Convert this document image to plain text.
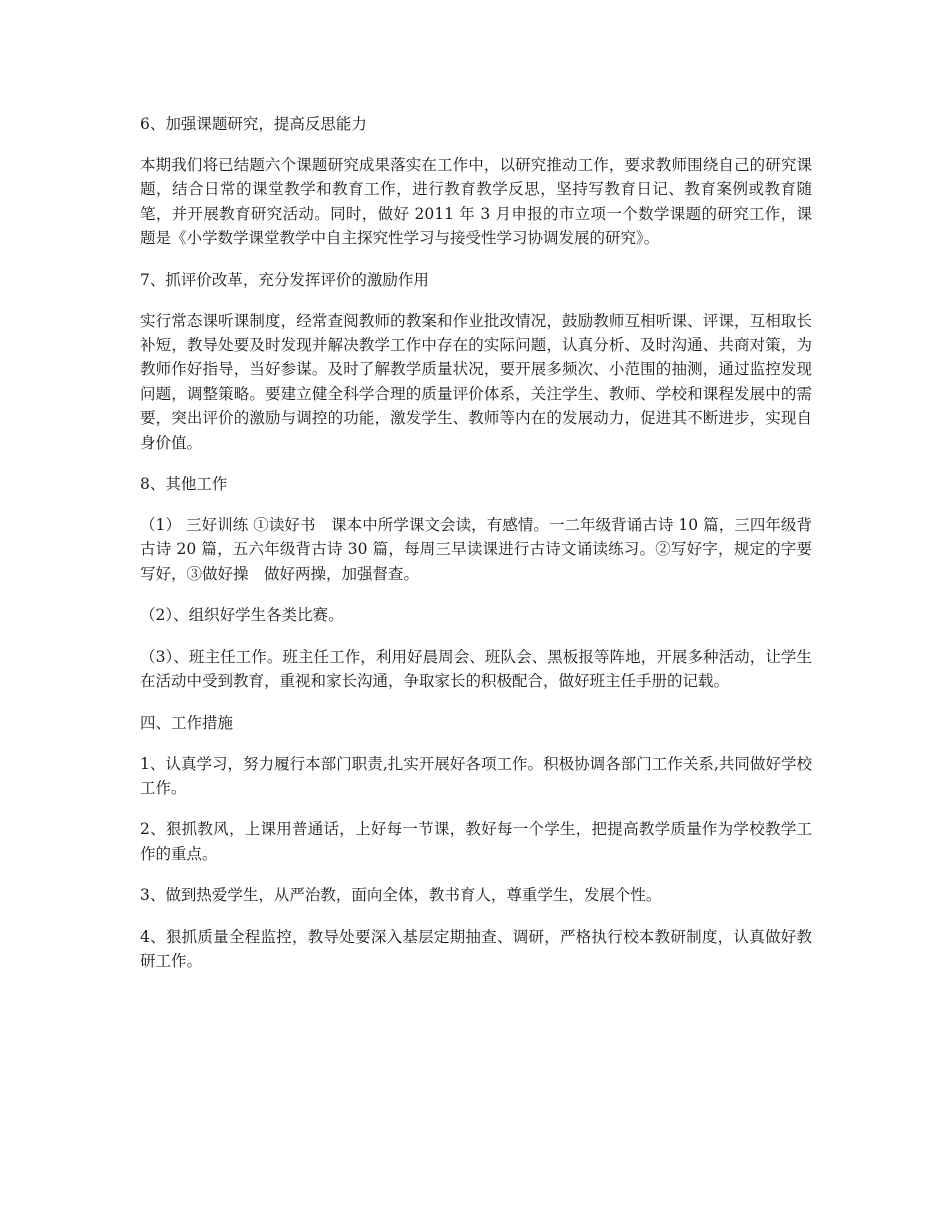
6、加强课题研究，提高反思能力

本期我们将已结题六个课题研究成果落实在工作中，以研究推动工作，要求教师围绕自己的研究课题，结合日常的课堂教学和教育工作，进行教育教学反思，坚持写教育日记、教育案例或教育随笔，并开展教育研究活动。同时，做好 2011 年 3 月申报的市立项一个数学课题的研究工作，课题是《小学数学课堂教学中自主探究性学习与接受性学习协调发展的研究》。

7、抓评价改革，充分发挥评价的激励作用

实行常态课听课制度，经常查阅教师的教案和作业批改情况，鼓励教师互相听课、评课，互相取长补短，教导处要及时发现并解决教学工作中存在的实际问题，认真分析、及时沟通、共商对策，为教师作好指导，当好参谋。及时了解教学质量状况，要开展多频次、小范围的抽测，通过监控发现问题，调整策略。要建立健全科学合理的质量评价体系，关注学生、教师、学校和课程发展中的需要，突出评价的激励与调控的功能，激发学生、教师等内在的发展动力，促进其不断进步，实现自身价值。

8、其他工作

（1） 三好训练 ①读好书　课本中所学课文会读，有感情。一二年级背诵古诗 10 篇，三四年级背古诗 20 篇，五六年级背古诗 30 篇，每周三早读课进行古诗文诵读练习。②写好字，规定的字要写好，③做好操　做好两操，加强督查。

（2）、组织好学生各类比赛。

（3）、班主任工作。班主任工作，利用好晨周会、班队会、黑板报等阵地，开展多种活动，让学生在活动中受到教育，重视和家长沟通，争取家长的积极配合，做好班主任手册的记载。

四、工作措施

1、认真学习，努力履行本部门职责,扎实开展好各项工作。积极协调各部门工作关系,共同做好学校工作。

2、狠抓教风，上课用普通话，上好每一节课，教好每一个学生，把提高教学质量作为学校教学工作的重点。

3、做到热爱学生，从严治教，面向全体，教书育人，尊重学生，发展个性。

4、狠抓质量全程监控，教导处要深入基层定期抽查、调研，严格执行校本教研制度，认真做好教研工作。
